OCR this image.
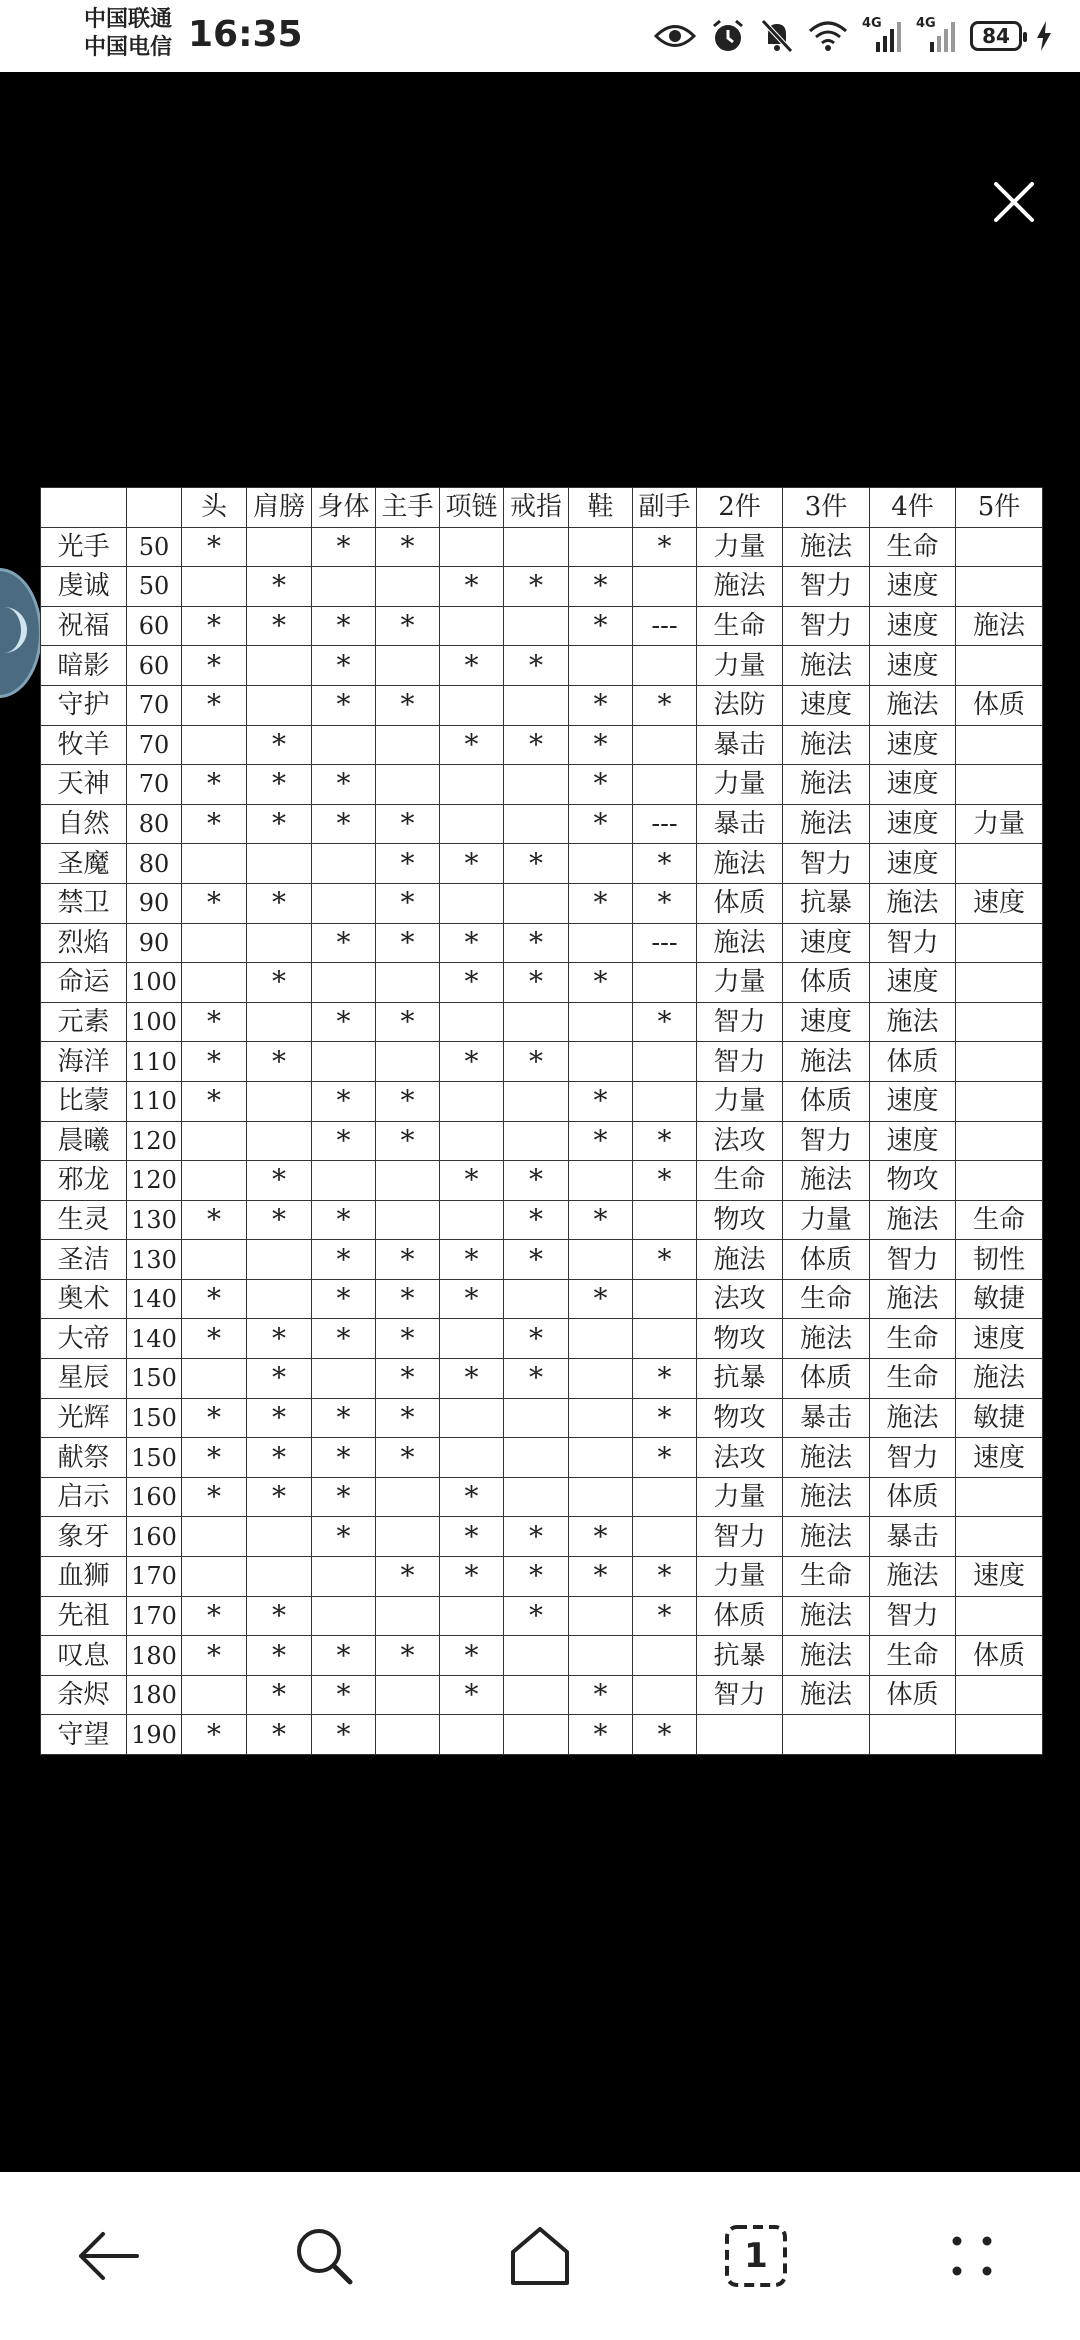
中国联通
中国电信 16:35	4G	4G
84
		头	肩膀	身体	主手	项链	戒指	鞋	副手	2件	3件	4件	5件
光手	50	*		*	*				*	力量	施法	生命	
虔诚	50		*			*	*	*		施法	智力	速度	
祝福	60	*	*	*	*			*	---	生命	智力	速度	施法
暗影	60	*		*		*	*			力量	施法	速度	
守护	70	*		*	*			*	*	法防	速度	施法	体质
牧羊	70		*			*	*	*		暴击	施法	速度	
天神	70	*	*	*				*		力量	施法	速度	
自然	80	*	*	*	*			*	---	暴击	施法	速度	力量
圣魔	80				*	*	*		*	施法	智力	速度	
禁卫	90	*	*		*			*	*	体质	抗暴	施法	速度
烈焰	90			*	*	*	*		---	施法	速度	智力	
命运	100		*			*	*	*		力量	体质	速度	
元素	100	*		*	*				*	智力	速度	施法	
海洋	110	*	*			*	*			智力	施法	体质	
比蒙	110	*		*	*			*		力量	体质	速度	
晨曦	120			*	*			*	*	法攻	智力	速度	
邪龙	120		*			*	*		*	生命	施法	物攻	
生灵	130	*	*	*			*	*		物攻	力量	施法	生命
圣洁	130			*	*	*	*		*	施法	体质	智力	韧性
奥术	140	*		*	*	*		*		法攻	生命	施法	敏捷
大帝	140	*	*	*	*		*			物攻	施法	生命	速度
星辰	150		*		*	*	*		*	抗暴	体质	生命	施法
光辉	150	*	*	*	*				*	物攻	暴击	施法	敏捷
献祭	150	*	*	*	*				*	法攻	施法	智力	速度
启示	160	*	*	*		*				力量	施法	体质	
象牙	160			*		*	*	*		智力	施法	暴击	
血狮	170				*	*	*	*	*	力量	生命	施法	速度
先祖	170	*	*				*		*	体质	施法	智力	
叹息	180	*	*	*	*	*				抗暴	施法	生命	体质
余烬	180		*	*		*		*		智力	施法	体质	
守望	190	*	*	*				*	*				
1
